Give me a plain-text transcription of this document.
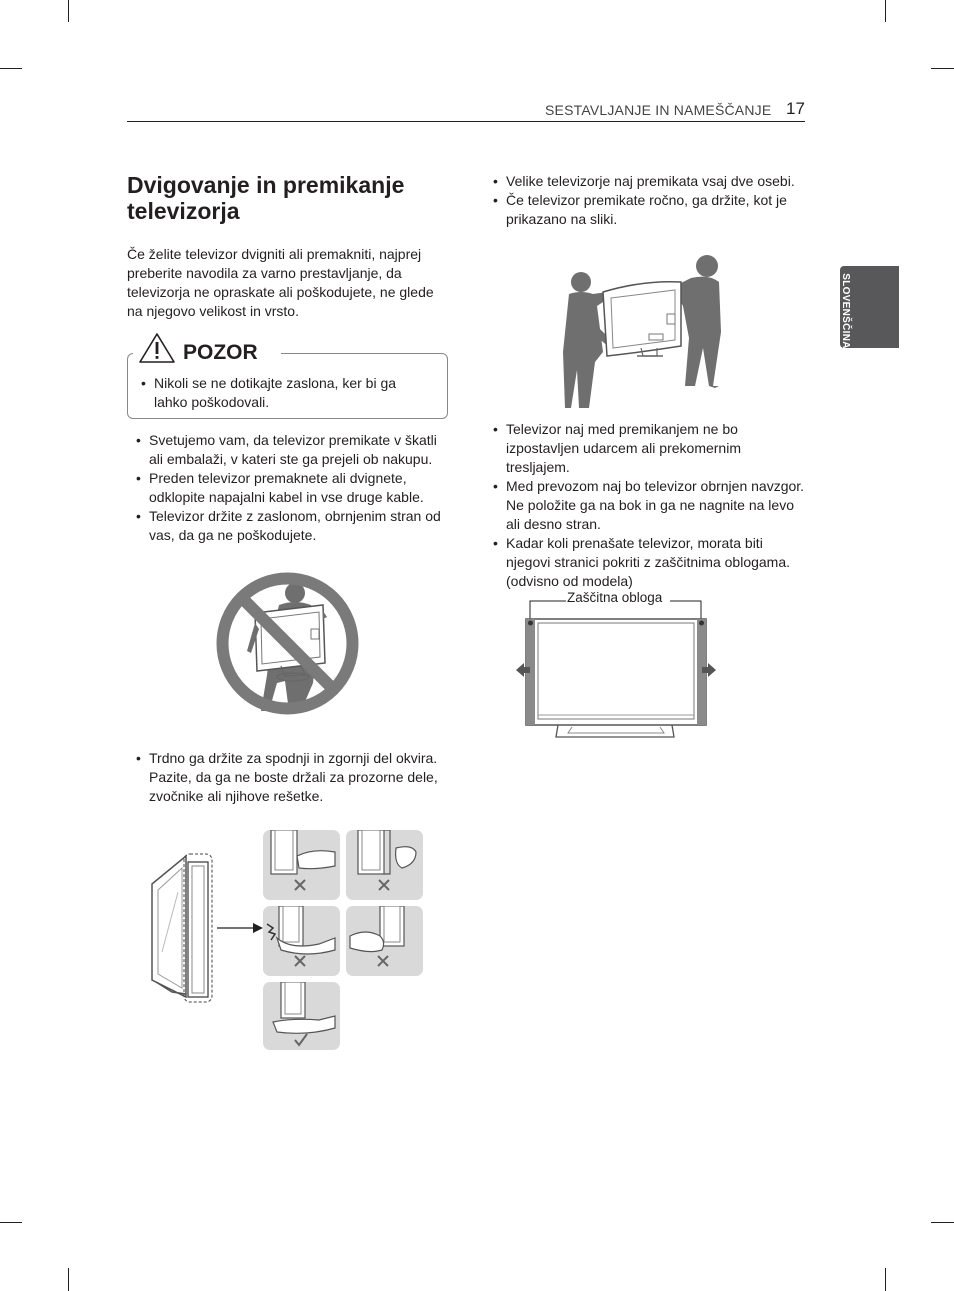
SESTAVLJANJE IN NAMEŠČANJE 17
SLOVENŠČINA
Dvigovanje in premikanje televizorja

Če želite televizor dvigniti ali premakniti, najprej preberite navodila za varno prestavljanje, da televizorja ne opraskate ali poškodujete, ne glede na njegovo velikost in vrsto.

• Nikoli se ne dotikajte zaslona, ker bi ga lahko poškodovali.
POZOR
• Svetujemo vam, da televizor premikate v škatli ali embalaži, v kateri ste ga prejeli ob nakupu.
• Preden televizor premaknete ali dvignete, odklopite napajalni kabel in vse druge kable.
• Televizor držite z zaslonom, obrnjenim stran od vas, da ga ne poškodujete.
• Trdno ga držite za spodnji in zgornji del okvira. Pazite, da ga ne boste držali za prozorne dele, zvočnike ali njihove rešetke.
• Velike televizorje naj premikata vsaj dve osebi.
• Če televizor premikate ročno, ga držite, kot je prikazano na sliki.
• Televizor naj med premikanjem ne bo izpostavljen udarcem ali prekomernim tresljajem.
• Med prevozom naj bo televizor obrnjen navzgor. Ne položite ga na bok in ga ne nagnite na levo ali desno stran.
• Kadar koli prenašate televizor, morata biti njegovi stranici pokriti z zaščitnima oblogama. (odvisno od modela)
Zaščitna obloga
